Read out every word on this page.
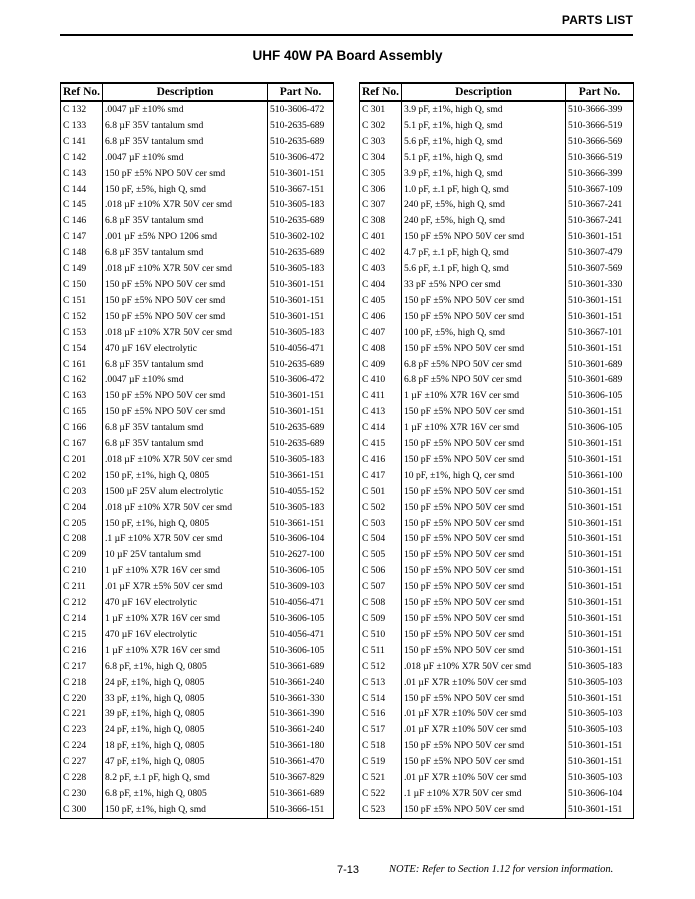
PARTS LIST
UHF 40W PA Board Assembly
Ref No.	Description	Part No.
C 132	.0047 µF ±10% smd	510-3606-472
C 133	6.8 µF 35V tantalum smd	510-2635-689
C 141	6.8 µF 35V tantalum smd	510-2635-689
C 142	.0047 µF ±10% smd	510-3606-472
C 143	150 pF ±5% NPO 50V cer smd	510-3601-151
C 144	150 pF, ±5%, high Q, smd	510-3667-151
C 145	.018 µF ±10% X7R 50V cer smd	510-3605-183
C 146	6.8 µF 35V tantalum smd	510-2635-689
C 147	.001 µF ±5% NPO 1206 smd	510-3602-102
C 148	6.8 µF 35V tantalum smd	510-2635-689
C 149	.018 µF ±10% X7R 50V cer smd	510-3605-183
C 150	150 pF ±5% NPO 50V cer smd	510-3601-151
C 151	150 pF ±5% NPO 50V cer smd	510-3601-151
C 152	150 pF ±5% NPO 50V cer smd	510-3601-151
C 153	.018 µF ±10% X7R 50V cer smd	510-3605-183
C 154	470 µF 16V electrolytic	510-4056-471
C 161	6.8 µF 35V tantalum smd	510-2635-689
C 162	.0047 µF ±10% smd	510-3606-472
C 163	150 pF ±5% NPO 50V cer smd	510-3601-151
C 165	150 pF ±5% NPO 50V cer smd	510-3601-151
C 166	6.8 µF 35V tantalum smd	510-2635-689
C 167	6.8 µF 35V tantalum smd	510-2635-689
C 201	.018 µF ±10% X7R 50V cer smd	510-3605-183
C 202	150 pF, ±1%, high Q, 0805	510-3661-151
C 203	1500 µF 25V alum electrolytic	510-4055-152
C 204	.018 µF ±10% X7R 50V cer smd	510-3605-183
C 205	150 pF, ±1%, high Q, 0805	510-3661-151
C 208	.1 µF ±10% X7R 50V cer smd	510-3606-104
C 209	10 µF 25V tantalum smd	510-2627-100
C 210	1 µF ±10% X7R 16V cer smd	510-3606-105
C 211	.01 µF X7R ±5% 50V cer smd	510-3609-103
C 212	470 µF 16V electrolytic	510-4056-471
C 214	1 µF ±10% X7R 16V cer smd	510-3606-105
C 215	470 µF 16V electrolytic	510-4056-471
C 216	1 µF ±10% X7R 16V cer smd	510-3606-105
C 217	6.8 pF, ±1%, high Q, 0805	510-3661-689
C 218	24 pF, ±1%, high Q, 0805	510-3661-240
C 220	33 pF, ±1%, high Q, 0805	510-3661-330
C 221	39 pF, ±1%, high Q, 0805	510-3661-390
C 223	24 pF, ±1%, high Q, 0805	510-3661-240
C 224	18 pF, ±1%, high Q, 0805	510-3661-180
C 227	47 pF, ±1%, high Q, 0805	510-3661-470
C 228	8.2 pF, ±.1 pF, high Q, smd	510-3667-829
C 230	6.8 pF, ±1%, high Q, 0805	510-3661-689
C 300	150 pF, ±1%, high Q, smd	510-3666-151
Ref No.	Description	Part No.
C 301	3.9 pF, ±1%, high Q, smd	510-3666-399
C 302	5.1 pF, ±1%, high Q, smd	510-3666-519
C 303	5.6 pF, ±1%, high Q, smd	510-3666-569
C 304	5.1 pF, ±1%, high Q, smd	510-3666-519
C 305	3.9 pF, ±1%, high Q, smd	510-3666-399
C 306	1.0 pF, ±.1 pF, high Q, smd	510-3667-109
C 307	240 pF, ±5%, high Q, smd	510-3667-241
C 308	240 pF, ±5%, high Q, smd	510-3667-241
C 401	150 pF ±5% NPO 50V cer smd	510-3601-151
C 402	4.7 pF, ±.1 pF, high Q, smd	510-3607-479
C 403	5.6 pF, ±.1 pF, high Q, smd	510-3607-569
C 404	33 pF ±5% NPO cer smd	510-3601-330
C 405	150 pF ±5% NPO 50V cer smd	510-3601-151
C 406	150 pF ±5% NPO 50V cer smd	510-3601-151
C 407	100 pF, ±5%, high Q, smd	510-3667-101
C 408	150 pF ±5% NPO 50V cer smd	510-3601-151
C 409	6.8 pF ±5% NPO 50V cer smd	510-3601-689
C 410	6.8 pF ±5% NPO 50V cer smd	510-3601-689
C 411	1 µF ±10% X7R 16V cer smd	510-3606-105
C 413	150 pF ±5% NPO 50V cer smd	510-3601-151
C 414	1 µF ±10% X7R 16V cer smd	510-3606-105
C 415	150 pF ±5% NPO 50V cer smd	510-3601-151
C 416	150 pF ±5% NPO 50V cer smd	510-3601-151
C 417	10 pF, ±1%, high Q, cer smd	510-3661-100
C 501	150 pF ±5% NPO 50V cer smd	510-3601-151
C 502	150 pF ±5% NPO 50V cer smd	510-3601-151
C 503	150 pF ±5% NPO 50V cer smd	510-3601-151
C 504	150 pF ±5% NPO 50V cer smd	510-3601-151
C 505	150 pF ±5% NPO 50V cer smd	510-3601-151
C 506	150 pF ±5% NPO 50V cer smd	510-3601-151
C 507	150 pF ±5% NPO 50V cer smd	510-3601-151
C 508	150 pF ±5% NPO 50V cer smd	510-3601-151
C 509	150 pF ±5% NPO 50V cer smd	510-3601-151
C 510	150 pF ±5% NPO 50V cer smd	510-3601-151
C 511	150 pF ±5% NPO 50V cer smd	510-3601-151
C 512	.018 µF ±10% X7R 50V cer smd	510-3605-183
C 513	.01 µF X7R ±10% 50V cer smd	510-3605-103
C 514	150 pF ±5% NPO 50V cer smd	510-3601-151
C 516	.01 µF X7R ±10% 50V cer smd	510-3605-103
C 517	.01 µF X7R ±10% 50V cer smd	510-3605-103
C 518	150 pF ±5% NPO 50V cer smd	510-3601-151
C 519	150 pF ±5% NPO 50V cer smd	510-3601-151
C 521	.01 µF X7R ±10% 50V cer smd	510-3605-103
C 522	.1 µF ±10% X7R 50V cer smd	510-3606-104
C 523	150 pF ±5% NPO 50V cer smd	510-3601-151
7-13	NOTE: Refer to Section 1.12 for version information.
